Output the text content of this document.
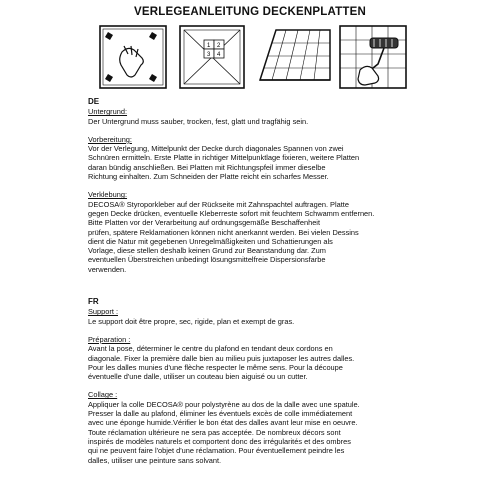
VERLEGEANLEITUNG DECKENPLATTEN
1 2
3 4
DE
Untergrund:
Der Untergrund muss sauber, trocken, fest, glatt und tragfähig sein.
Vorbereitung:
Vor der Verlegung, Mittelpunkt der Decke durch diagonales Spannen von zwei
Schnüren ermitteln. Erste Platte in richtiger Mittelpunktlage fixieren, weitere Platten
daran bündig anschließen. Bei Platten mit Richtungspfeil immer dieselbe
Richtung einhalten. Zum Schneiden der Platte reicht ein scharfes Messer.
Verklebung:
DECOSA® Styroporkleber auf der Rückseite mit Zahnspachtel auftragen. Platte
gegen Decke drücken, eventuelle Kleberreste sofort mit feuchtem Schwamm entfernen.
Bitte Platten vor der Verarbeitung auf ordnungsgemäße Beschaffenheit
prüfen, spätere Reklamationen können nicht anerkannt werden. Bei vielen Dessins
dient die Natur mit gegebenen Unregelmäßigkeiten und Schattierungen als
Vorlage, diese stellen deshalb keinen Grund zur Beanstandung dar. Zum
eventuellen Überstreichen unbedingt lösungsmittelfreie Dispersionsfarbe
verwenden.
FR
Support :
Le support doit être propre, sec, rigide, plan et exempt de gras.
Préparation :
Avant la pose, déterminer le centre du plafond en tendant deux cordons en
diagonale. Fixer la première dalle bien au milieu puis juxtaposer les autres dalles.
Pour les dalles munies d'une flèche respecter le même sens. Pour la découpe
éventuelle d'une dalle, utiliser un couteau bien aiguisé ou un cutter.
Collage :
Appliquer la colle DECOSA® pour polystyrène au dos de la dalle avec une spatule.
Presser la dalle au plafond, éliminer les éventuels excès de colle immédiatement
avec une éponge humide.Vérifier le bon état des dalles avant leur mise en oeuvre.
Toute réclamation ultérieure ne sera pas acceptée. De nombreux décors sont
inspirés de modèles naturels et comportent donc des irrégularités et des ombres
qui ne peuvent faire l'objet d'une réclamation. Pour éventuellement peindre les
dalles, utiliser une peinture sans solvant.
